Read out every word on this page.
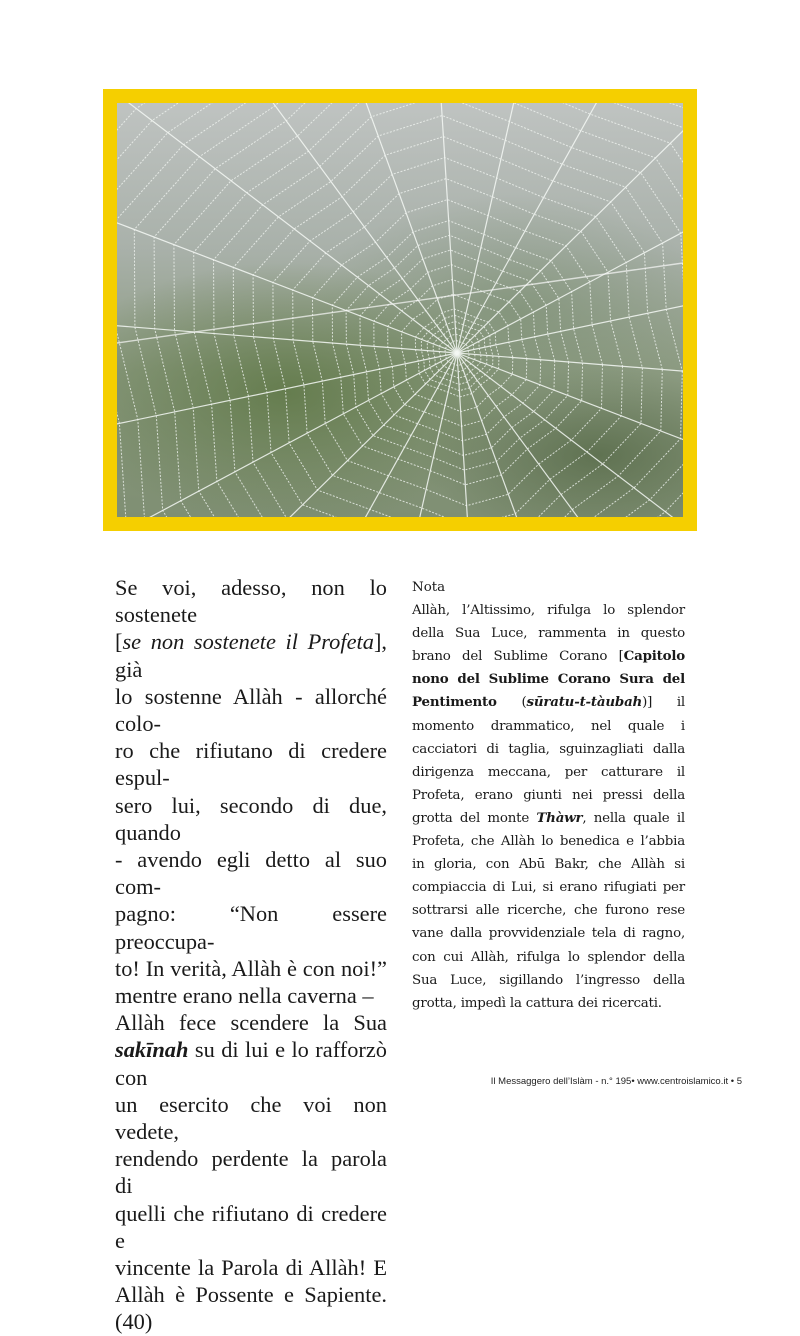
Se voi, adesso, non lo sostenete

[se non sostenete il Profeta], già

lo sostenne Allàh - allorché colo-

ro che rifiutano di credere espul-

sero lui, secondo di due, quando

- avendo egli detto al suo com-

pagno: “Non essere preoccupa-

to! In verità, Allàh è con noi!”

mentre erano nella caverna –

Allàh fece scendere la Sua

sakīnah su di lui e lo rafforzò con

un esercito che voi non vedete,

rendendo perdente la parola di

quelli che rifiutano di credere e

vincente la Parola di Allàh! E

Allàh è Possente e Sapiente. (40)

Nota

Allàh, l’Altissimo, rifulga lo splendor della Sua Luce, rammenta in questo brano del Sublime Corano [Capitolo nono del Sublime Corano Sura del Pentimento (sūratu-t-tàubah)] il momento drammatico, nel quale i cacciatori di taglia, sguinzagliati dalla dirigenza meccana, per catturare il Profeta, erano giunti nei pressi della grotta del monte Thàwr, nella quale il Profeta, che Allàh lo benedica e l’abbia in gloria, con Abū Bakr, che Allàh si compiaccia di Lui, si erano rifugiati per sottrarsi alle ricerche, che furono rese vane dalla provvidenziale tela di ragno, con cui Allàh, rifulga lo splendor della Sua Luce, sigillando l’ingresso della grotta, impedì la cattura dei ricercati.

Il Messaggero dell’Islàm - n.° 195• www.centroislamico.it • 5
